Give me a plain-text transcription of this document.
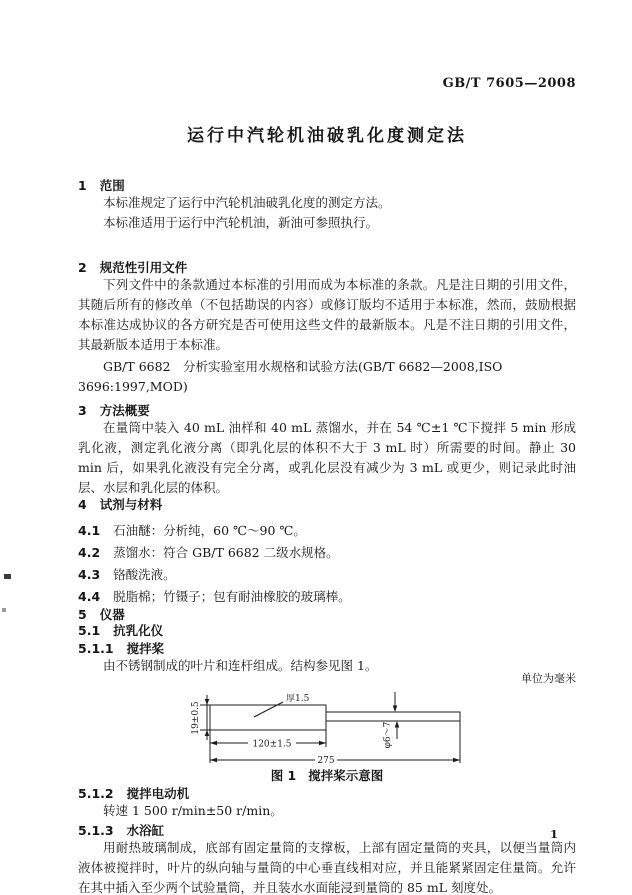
GB/T 7605—2008
运行中汽轮机油破乳化度测定法
1 范围

本标准规定了运行中汽轮机油破乳化度的测定方法。

本标准适用于运行中汽轮机油，新油可参照执行。

2 规范性引用文件

下列文件中的条款通过本标准的引用而成为本标准的条款。凡是注日期的引用文件，其随后所有的修改单（不包括勘误的内容）或修订版均不适用于本标准，然而，鼓励根据本标准达成协议的各方研究是否可使用这些文件的最新版本。凡是不注日期的引用文件，其最新版本适用于本标准。

GB/T 6682　分析实验室用水规格和试验方法(GB/T 6682—2008,ISO 3696:1997,MOD)
3 方法概要

在量筒中装入 40 mL 油样和 40 mL 蒸馏水，并在 54 ℃±1 ℃下搅拌 5 min 形成乳化液，测定乳化液分离（即乳化层的体积不大于 3 mL 时）所需要的时间。静止 30 min 后，如果乳化液没有完全分离，或乳化层没有减少为 3 mL 或更少，则记录此时油层、水层和乳化层的体积。

4 试剂与材料
4.1 石油醚：分析纯，60 ℃～90 ℃。
4.2 蒸馏水：符合 GB/T 6682 二级水规格。
4.3 铬酸洗液。
4.4 脱脂棉；竹镊子；包有耐油橡胶的玻璃棒。
5 仪器
5.1 抗乳化仪
5.1.1 搅拌桨

由不锈钢制成的叶片和连杆组成。结构参见图 1。

单位为毫米
19±0.5
厚1.5
120±1.5
275
φ6～7
图 1 搅拌桨示意图
5.1.2 搅拌电动机

转速 1 500 r/min±50 r/min。

5.1.3 水浴缸

用耐热玻璃制成，底部有固定量筒的支撑板，上部有固定量筒的夹具，以便当量筒内液体被搅拌时，叶片的纵向轴与量筒的中心垂直线相对应，并且能紧紧固定住量筒。允许在其中插入至少两个试验量筒，并且装水水面能浸到量筒的 85 mL 刻度处。

1
